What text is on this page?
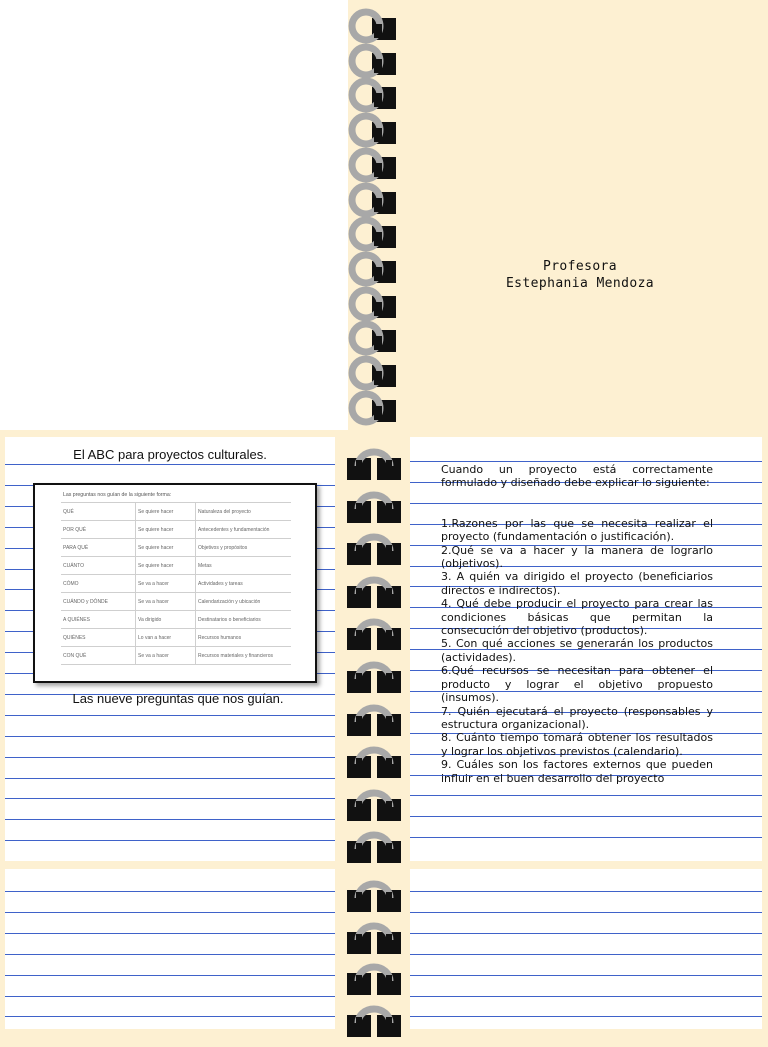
Profesora
Estephania Mendoza
El ABC para proyectos culturales.
Las preguntas nos guían de la siguiente forma:
QUÉ	Se quiere hacer	Naturaleza del proyecto
POR QUÉ	Se quiere hacer	Antecedentes y fundamentación
PARA QUÉ	Se quiere hacer	Objetivos y propósitos
CUÁNTO	Se quiere hacer	Metas
CÓMO	Se va a hacer	Actividades y tareas
CUÁNDO y DÓNDE	Se va a hacer	Calendarización y ubicación
A QUIÉNES	Va dirigido	Destinatarios o beneficiarios
QUIÉNES	Lo van a hacer	Recursos humanos
CON QUÉ	Se va a hacer	Recursos materiales y financieros
Las nueve preguntas que nos guían.

Cuando un proyecto está correctamente formulado y diseñado debe explicar lo siguiente:

1.Razones por las que se necesita realizar el proyecto (fundamentación o justificación).

2.Qué se va a hacer y la manera de lograrlo (objetivos).

3. A quién va dirigido el proyecto (beneficiarios directos e indirectos).

4. Qué debe producir el proyecto para crear las condiciones básicas que permitan la consecución del objetivo (productos).

5. Con qué acciones se generarán los productos (actividades).

6.Qué recursos se necesitan para obtener el producto y lograr el objetivo propuesto (insumos).

7. Quién ejecutará el proyecto (responsables y estructura organizacional).

8. Cuánto tiempo tomará obtener los resultados y lograr los objetivos previstos (calendario).

9. Cuáles son los factores externos que pueden influir en el buen desarrollo del proyecto
